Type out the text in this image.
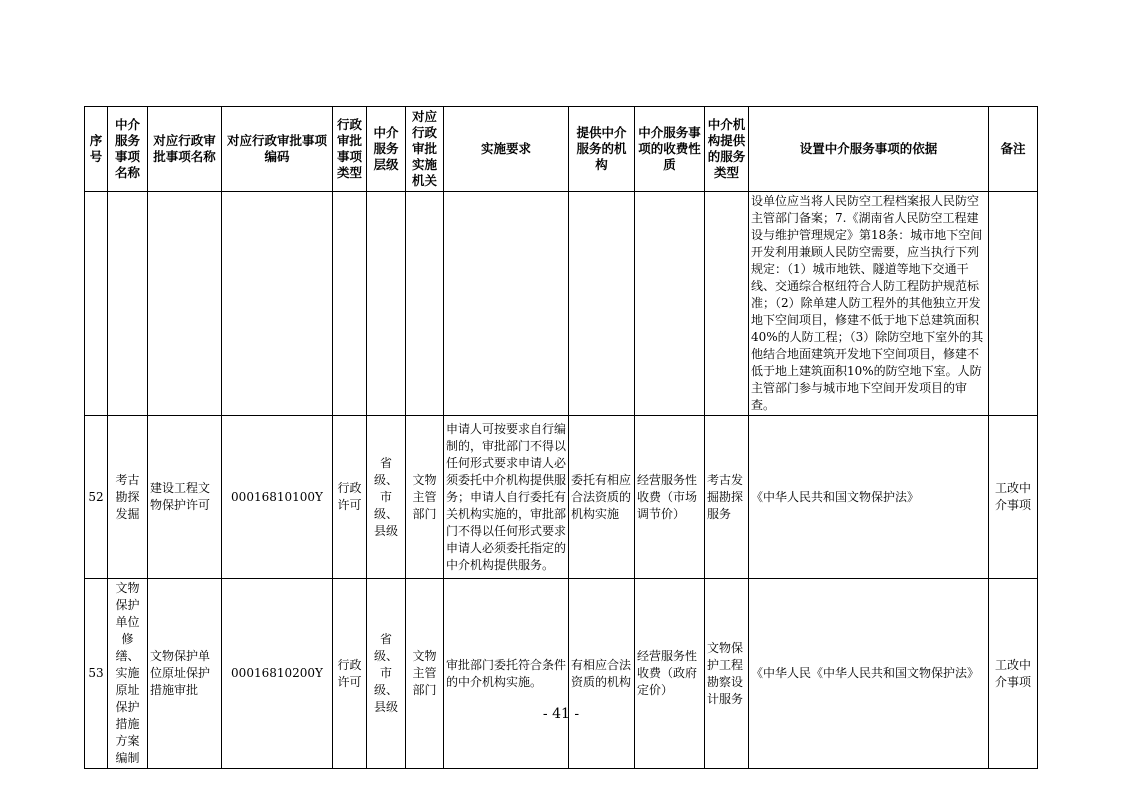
序号	中介服务事项名称	对应行政审批事项名称	对应行政审批事项编码	行政审批事项类型	中介服务层级	对应行政审批实施机关	实施要求	提供中介服务的机构	中介服务事项的收费性质	中介机构提供的服务类型	设置中介服务事项的依据	备注
											设单位应当将人民防空工程档案报人民防空主管部门备案；7.《湖南省人民防空工程建设与维护管理规定》第18条：城市地下空间开发利用兼顾人民防空需要，应当执行下列规定：（1）城市地铁、隧道等地下交通干线、交通综合枢纽符合人防工程防护规范标准；（2）除单建人防工程外的其他独立开发地下空间项目，修建不低于地下总建筑面积40%的人防工程；（3）除防空地下室外的其他结合地面建筑开发地下空间项目，修建不低于地上建筑面积10%的防空地下室。人防主管部门参与城市地下空间开发项目的审查。	
52	考古勘探发掘	建设工程文物保护许可	00016810100Y	行政许可	省级、市级、县级	文物主管部门	申请人可按要求自行编制的，审批部门不得以任何形式要求申请人必须委托中介机构提供服务；申请人自行委托有关机构实施的，审批部门不得以任何形式要求申请人必须委托指定的中介机构提供服务。	委托有相应合法资质的机构实施	经营服务性收费（市场调节价）	考古发掘勘探服务	《中华人民共和国文物保护法》	工改中介事项
53	文物保护单位修缮、实施原址保护措施方案编制	文物保护单位原址保护措施审批	00016810200Y	行政许可	省级、市级、县级	文物主管部门	审批部门委托符合条件的中介机构实施。	有相应合法资质的机构	经营服务性收费（政府定价）	文物保护工程勘察设计服务	《中华人民《中华人民共和国文物保护法》	工改中介事项
- 41 -
